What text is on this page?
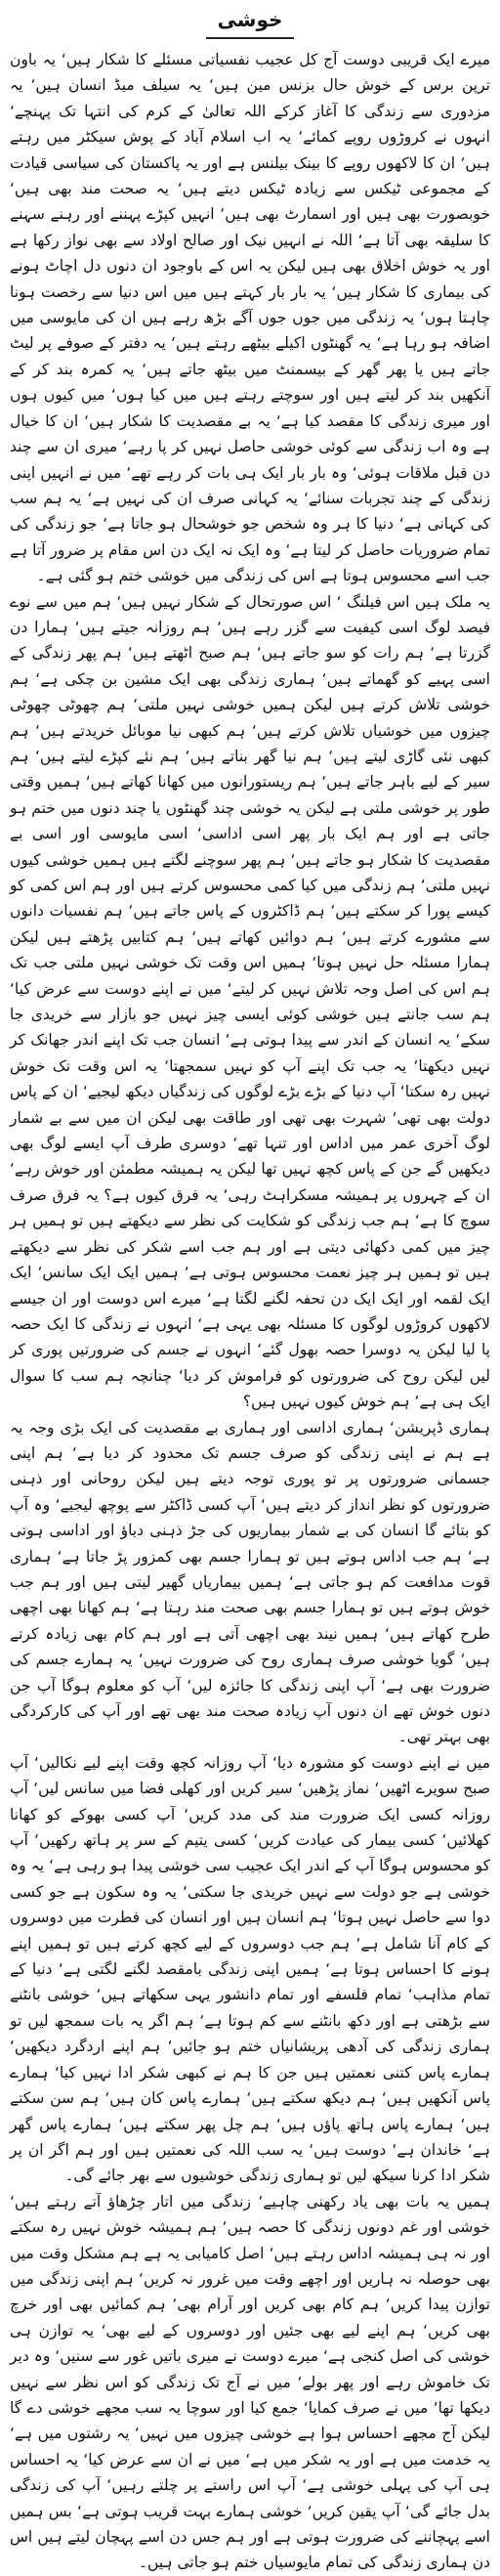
خوشی

میرے ایک قریبی دوست آج کل عجیب نفسیاتی مسئلے کا شکار ہیں‘ یہ باون ترپن برس کے خوش حال بزنس مین ہیں‘ یہ سیلف میڈ انسان ہیں‘ یہ مزدوری سے زندگی کا آغاز کرکے اللہ تعالیٰ کے کرم کی انتہا تک پہنچے‘ انہوں نے کروڑوں روپے کمائے‘ یہ اب اسلام آباد کے پوش سیکٹر میں رہتے ہیں‘ ان کا لاکھوں روپے کا بینک بیلنس ہے اور یہ پاکستان کی سیاسی قیادت کے مجموعی ٹیکس سے زیادہ ٹیکس دیتے ہیں‘ یہ صحت مند بھی ہیں‘ خوبصورت بھی ہیں اور اسمارٹ بھی ہیں‘ انہیں کپڑے پہننے اور رہنے سہنے کا سلیقہ بھی آتا ہے‘ اللہ نے انہیں نیک اور صالح اولاد سے بھی نواز رکھا ہے اور یہ خوش اخلاق بھی ہیں لیکن یہ اس کے باوجود ان دنوں دل اچاٹ ہونے کی بیماری کا شکار ہیں‘ یہ بار بار کہتے ہیں میں اس دنیا سے رخصت ہونا چاہتا ہوں‘ یہ زندگی میں جوں جوں آگے بڑھ رہے ہیں ان کی مایوسی میں اضافہ ہو رہا ہے‘ یہ گھنٹوں اکیلے بیٹھے رہتے ہیں‘ یہ دفتر کے صوفے پر لیٹ جاتے ہیں یا پھر گھر کے بیسمنٹ میں بیٹھ جاتے ہیں‘ یہ کمرہ بند کر کے آنکھیں بند کر لیتے ہیں اور سوچتے رہتے ہیں میں کیا ہوں‘ میں کیوں ہوں اور میری زندگی کا مقصد کیا ہے‘ یہ بے مقصدیت کا شکار ہیں‘ ان کا خیال ہے وہ اب زندگی سے کوئی خوشی حاصل نہیں کر پا رہے‘ میری ان سے چند دن قبل ملاقات ہوئی‘ وہ بار بار ایک ہی بات کر رہے تھے‘ میں نے انہیں اپنی زندگی کے چند تجربات سنائے‘ یہ کہانی صرف ان کی نہیں ہے‘ یہ ہم سب کی کہانی ہے‘ دنیا کا ہر وہ شخص جو خوشحال ہو جاتا ہے‘ جو زندگی کی تمام ضروریات حاصل کر لیتا ہے‘ وہ ایک نہ ایک دن اس مقام پر ضرور آتا ہے جب اسے محسوس ہوتا ہے اس کی زندگی میں خوشی ختم ہو گئی ہے۔

یہ ملک ہیں اس فیلنگ ‘ اس صورتحال کے شکار نہیں ہیں‘ ہم میں سے نوے فیصد لوگ اسی کیفیت سے گزر رہے ہیں‘ ہم روزانہ جیتے ہیں‘ ہمارا دن گزرتا ہے‘ ہم رات کو سو جاتے ہیں‘ ہم صبح اٹھتے ہیں‘ ہم پھر زندگی کے اسی پہیے کو گھماتے ہیں‘ ہماری زندگی بھی ایک مشین بن چکی ہے‘ ہم خوشی تلاش کرتے ہیں لیکن ہمیں خوشی نہیں ملتی‘ ہم چھوٹی چھوٹی چیزوں میں خوشیاں تلاش کرتے ہیں‘ ہم کبھی نیا موبائل خریدتے ہیں‘ ہم کبھی نئی گاڑی لیتے ہیں‘ ہم نیا گھر بناتے ہیں‘ ہم نئے کپڑے لیتے ہیں‘ ہم سیر کے لیے باہر جاتے ہیں‘ ہم ریستورانوں میں کھانا کھاتے ہیں‘ ہمیں وقتی طور پر خوشی ملتی ہے لیکن یہ خوشی چند گھنٹوں یا چند دنوں میں ختم ہو جاتی ہے اور ہم ایک بار پھر اسی اداسی‘ اسی مایوسی اور اسی بے مقصدیت کا شکار ہو جاتے ہیں‘ ہم پھر سوچنے لگتے ہیں ہمیں خوشی کیوں نہیں ملتی‘ ہم زندگی میں کیا کمی محسوس کرتے ہیں اور ہم اس کمی کو کیسے پورا کر سکتے ہیں‘ ہم ڈاکٹروں کے پاس جاتے ہیں‘ ہم نفسیات دانوں سے مشورے کرتے ہیں‘ ہم دوائیں کھاتے ہیں‘ ہم کتابیں پڑھتے ہیں لیکن ہمارا مسئلہ حل نہیں ہوتا‘ ہمیں اس وقت تک خوشی نہیں ملتی جب تک ہم اس کی اصل وجہ تلاش نہیں کر لیتے‘ میں نے اپنے دوست سے عرض کیا‘ ہم سب جانتے ہیں خوشی کوئی ایسی چیز نہیں جو بازار سے خریدی جا سکے‘ یہ انسان کے اندر سے پیدا ہوتی ہے‘ انسان جب تک اپنے اندر جھانک کر نہیں دیکھتا‘ یہ جب تک اپنے آپ کو نہیں سمجھتا‘ یہ اس وقت تک خوش نہیں رہ سکتا‘ آپ دنیا کے بڑے بڑے لوگوں کی زندگیاں دیکھ لیجیے‘ ان کے پاس دولت بھی تھی‘ شہرت بھی تھی اور طاقت بھی لیکن ان میں سے بے شمار لوگ آخری عمر میں اداس اور تنہا تھے‘ دوسری طرف آپ ایسے لوگ بھی دیکھیں گے جن کے پاس کچھ نہیں تھا لیکن یہ ہمیشہ مطمئن اور خوش رہے‘ ان کے چہروں پر ہمیشہ مسکراہٹ رہی‘ یہ فرق کیوں ہے؟ یہ فرق صرف سوچ کا ہے‘ ہم جب زندگی کو شکایت کی نظر سے دیکھتے ہیں تو ہمیں ہر چیز میں کمی دکھائی دیتی ہے اور ہم جب اسے شکر کی نظر سے دیکھتے ہیں تو ہمیں ہر چیز نعمت محسوس ہوتی ہے‘ ہمیں ایک ایک سانس‘ ایک ایک لقمہ اور ایک ایک دن تحفہ لگنے لگتا ہے‘ میرے اس دوست اور ان جیسے لاکھوں کروڑوں لوگوں کا مسئلہ بھی یہی ہے‘ انہوں نے زندگی کا ایک حصہ پا لیا لیکن یہ دوسرا حصہ بھول گئے‘ انہوں نے جسم کی ضرورتیں پوری کر لیں لیکن روح کی ضرورتوں کو فراموش کر دیا‘ چنانچہ ہم سب کا سوال ایک ہی ہے‘ ہم خوش کیوں نہیں ہیں؟

ہماری ڈپریشن‘ ہماری اداسی اور ہماری بے مقصدیت کی ایک بڑی وجہ یہ ہے ہم نے اپنی زندگی کو صرف جسم تک محدود کر دیا ہے‘ ہم اپنی جسمانی ضرورتوں پر تو پوری توجہ دیتے ہیں لیکن روحانی اور ذہنی ضرورتوں کو نظر انداز کر دیتے ہیں‘ آپ کسی ڈاکٹر سے پوچھ لیجیے‘ وہ آپ کو بتائے گا انسان کی بے شمار بیماریوں کی جڑ ذہنی دباؤ اور اداسی ہوتی ہے‘ ہم جب اداس ہوتے ہیں تو ہمارا جسم بھی کمزور پڑ جاتا ہے‘ ہماری قوت مدافعت کم ہو جاتی ہے‘ ہمیں بیماریاں گھیر لیتی ہیں اور ہم جب خوش ہوتے ہیں تو ہمارا جسم بھی صحت مند رہتا ہے‘ ہم کھانا بھی اچھی طرح کھاتے ہیں‘ ہمیں نیند بھی اچھی آتی ہے اور ہم کام بھی زیادہ کرتے ہیں‘ گویا خوشی صرف ہماری روح کی ضرورت نہیں‘ یہ ہمارے جسم کی ضرورت بھی ہے‘ آپ اپنی زندگی کا جائزہ لیں‘ آپ کو معلوم ہوگا آپ جن دنوں خوش تھے ان دنوں آپ زیادہ صحت مند بھی تھے اور آپ کی کارکردگی بھی بہتر تھی۔

میں نے اپنے دوست کو مشورہ دیا‘ آپ روزانہ کچھ وقت اپنے لیے نکالیں‘ آپ صبح سویرے اٹھیں‘ نماز پڑھیں‘ سیر کریں اور کھلی فضا میں سانس لیں‘ آپ روزانہ کسی ایک ضرورت مند کی مدد کریں‘ آپ کسی بھوکے کو کھانا کھلائیں‘ کسی بیمار کی عیادت کریں‘ کسی یتیم کے سر پر ہاتھ رکھیں‘ آپ کو محسوس ہوگا آپ کے اندر ایک عجیب سی خوشی پیدا ہو رہی ہے‘ یہ وہ خوشی ہے جو دولت سے نہیں خریدی جا سکتی‘ یہ وہ سکون ہے جو کسی دوا سے حاصل نہیں ہوتا‘ ہم انسان ہیں اور انسان کی فطرت میں دوسروں کے کام آنا شامل ہے‘ ہم جب دوسروں کے لیے کچھ کرتے ہیں تو ہمیں اپنے ہونے کا احساس ہوتا ہے‘ ہمیں اپنی زندگی بامقصد لگنے لگتی ہے‘ دنیا کے تمام مذاہب‘ تمام فلسفے اور تمام دانشور یہی سکھاتے ہیں‘ خوشی بانٹنے سے بڑھتی ہے اور دکھ بانٹنے سے کم ہوتا ہے‘ ہم اگر یہ بات سمجھ لیں تو ہماری زندگی کی آدھی پریشانیاں ختم ہو جائیں‘ ہم اپنے اردگرد دیکھیں‘ ہمارے پاس کتنی نعمتیں ہیں جن کا ہم نے کبھی شکر ادا نہیں کیا‘ ہمارے پاس آنکھیں ہیں‘ ہم دیکھ سکتے ہیں‘ ہمارے پاس کان ہیں‘ ہم سن سکتے ہیں‘ ہمارے پاس ہاتھ پاؤں ہیں‘ ہم چل پھر سکتے ہیں‘ ہمارے پاس گھر ہے‘ خاندان ہے‘ دوست ہیں‘ یہ سب اللہ کی نعمتیں ہیں اور ہم اگر ان پر شکر ادا کرنا سیکھ لیں تو ہماری زندگی خوشیوں سے بھر جائے گی۔

ہمیں یہ بات بھی یاد رکھنی چاہیے‘ زندگی میں اتار چڑھاؤ آتے رہتے ہیں‘ خوشی اور غم دونوں زندگی کا حصہ ہیں‘ ہم ہمیشہ خوش نہیں رہ سکتے اور نہ ہی ہمیشہ اداس رہتے ہیں‘ اصل کامیابی یہ ہے ہم مشکل وقت میں بھی حوصلہ نہ ہاریں اور اچھے وقت میں غرور نہ کریں‘ ہم اپنی زندگی میں توازن پیدا کریں‘ ہم کام بھی کریں اور آرام بھی‘ ہم کمائیں بھی اور خرچ بھی کریں‘ ہم اپنے لیے بھی جئیں اور دوسروں کے لیے بھی‘ یہ توازن ہی خوشی کی اصل کنجی ہے‘ میرے دوست نے میری باتیں غور سے سنیں‘ وہ دیر تک خاموش رہے اور پھر بولے‘ میں نے آج تک زندگی کو اس نظر سے نہیں دیکھا تھا‘ میں نے صرف کمایا‘ جمع کیا اور سوچا یہ سب مجھے خوشی دے گا لیکن آج مجھے احساس ہوا ہے خوشی چیزوں میں نہیں‘ یہ رشتوں میں ہے‘ یہ خدمت میں ہے اور یہ شکر میں ہے‘ میں نے ان سے عرض کیا‘ یہ احساس ہی آپ کی پہلی خوشی ہے‘ آپ اس راستے پر چلتے رہیں‘ آپ کی زندگی بدل جائے گی‘ آپ یقین کریں‘ خوشی ہمارے بہت قریب ہوتی ہے‘ بس ہمیں اسے پہچاننے کی ضرورت ہوتی ہے اور ہم جس دن اسے پہچان لیتے ہیں اس دن ہماری زندگی کی تمام مایوسیاں ختم ہو جاتی ہیں۔
